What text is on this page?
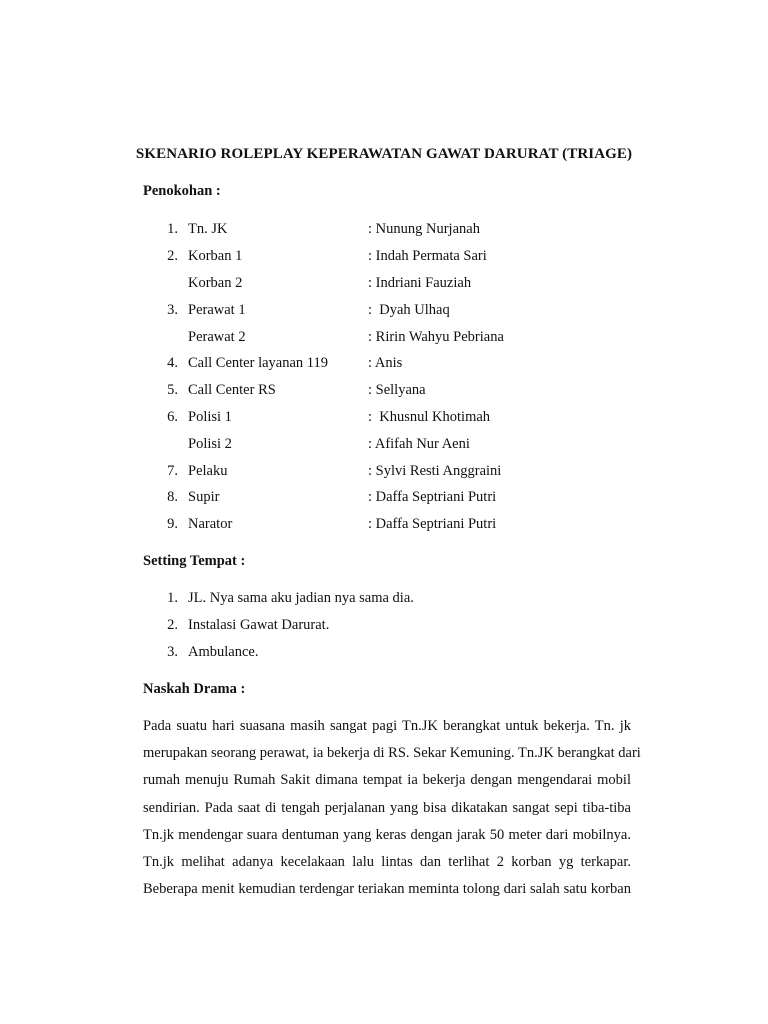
SKENARIO ROLEPLAY KEPERAWATAN GAWAT DARURAT (TRIAGE)
Penokohan :
1. Tn. JK	: Nunung Nurjanah
2. Korban 1	: Indah Permata Sari
Korban 2	: Indriani Fauziah
3. Perawat 1	:  Dyah Ulhaq
Perawat 2	: Ririn Wahyu Pebriana
4. Call Center layanan 119	: Anis
5. Call Center RS	: Sellyana
6. Polisi 1	:  Khusnul Khotimah
Polisi 2	: Afifah Nur Aeni
7. Pelaku	: Sylvi Resti Anggraini
8. Supir	: Daffa Septriani Putri
9. Narator	: Daffa Septriani Putri
Setting Tempat :
1. JL. Nya sama aku jadian nya sama dia.
2. Instalasi Gawat Darurat.
3. Ambulance.
Naskah Drama :
Pada suatu hari suasana masih sangat pagi Tn.JK berangkat untuk bekerja. Tn. jk
merupakan seorang perawat, ia bekerja di RS. Sekar Kemuning. Tn.JK berangkat dari
rumah menuju Rumah Sakit dimana tempat ia bekerja dengan mengendarai mobil
sendirian. Pada saat di tengah perjalanan yang bisa dikatakan sangat sepi tiba-tiba
Tn.jk mendengar suara dentuman yang keras dengan jarak 50 meter dari mobilnya.
Tn.jk melihat adanya kecelakaan lalu lintas dan terlihat 2 korban yg terkapar.
Beberapa menit kemudian terdengar teriakan meminta tolong dari salah satu korban
